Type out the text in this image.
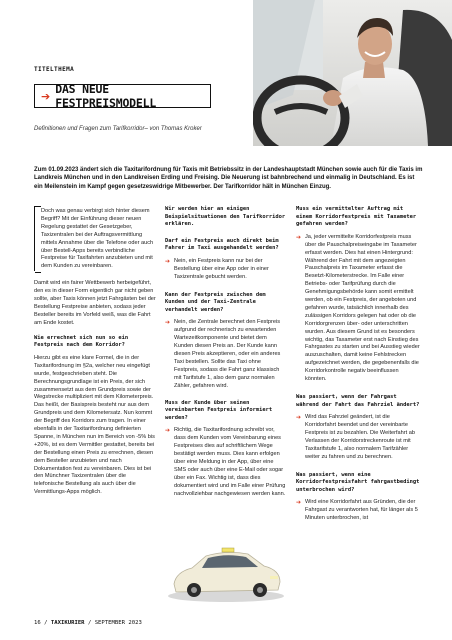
TITELTHEMA
➔ DAS NEUE FESTPREISMODELL
Definitionen und Fragen zum Tarifkorridor– von Thomas Kroker
Zum 01.09.2023 ändert sich die Taxitarifordnung für Taxis mit Betriebssitz in der Landeshauptstadt München sowie auch für die Taxis im Landkreis München und in den Landkreisen Erding und Freising. Die Neuerung ist bahnbrechend und einmalig in Deutschland. Es ist ein Meilenstein im Kampf gegen gesetzeswidrige Mitbewerber. Der Tarifkorridor hält in München Einzug.

Doch was genau verbirgt sich hinter diesem Begriff? Mit der Einführung dieser neuen Regelung gestattet der Gesetzgeber, Taxizentralen bei der Auftragsvermittlung mittels Annahme über die Telefone oder auch über Bestell-Apps bereits verbindliche Festpreise für Taxifahrten anzubieten und mit dem Kunden zu vereinbaren.

Damit wird ein fairer Wettbewerb herbeigeführt, den es in dieser Form eigentlich gar nicht geben sollte, aber Taxis können jetzt Fahrgästen bei der Bestellung Festpreise anbieten, sodass jeder Besteller bereits im Vorfeld weiß, was die Fahrt am Ende kostet.

Wie errechnet sich nun so ein Festpreis nach dem Korridor?

Hierzu gibt es eine klare Formel, die in der Taxitarifordnung im §2a, welcher neu eingefügt wurde, festgeschrieben steht. Die Berechnungsgrundlage ist ein Preis, der sich zusammensetzt aus dem Grundpreis sowie der Wegstrecke multipliziert mit dem Kilometerpreis. Das heißt, der Basispreis besteht nur aus dem Grundpreis und dem Kilometersatz. Nun kommt der Begriff des Korridors zum tragen. In einer ebenfalls in der Taxitarifordnung definierten Spanne, in München nun im Bereich von -5% bis +20%, ist es dem Vermittler gestattet, bereits bei der Bestellung einen Preis zu errechnen, diesen dem Besteller anzubieten und nach Dokumentation fest zu vereinbaren. Dies ist bei den Münchner Taxizentralen über die telefonische Bestellung als auch über die Vermittlungs-Apps möglich.

Wir werden hier an einigen Beispielsituationen den Tarifkorridor erklären.
Darf ein Festpreis auch direkt beim Fahrer im Taxi ausgehandelt werden?
➔ Nein, ein Festpreis kann nur bei der Bestellung über eine App oder in einer Taxizentrale gebucht werden.
Kann der Festpreis zwischen dem Kunden und der Taxi-Zentrale verhandelt werden?
➔ Nein, die Zentrale berechnet den Festpreis aufgrund der rechnerisch zu erwartenden Wartezeitkomponente und bietet dem Kunden diesen Preis an. Der Kunde kann diesen Preis akzeptieren, oder ein anderes Taxi bestellen. Sollte das Taxi ohne Festpreis, sodass die Fahrt ganz klassisch mit Tarifstufe 1, also dem ganz normalen Zähler, gefahren wird.
Muss der Kunde über seinen vereinbarten Festpreis informiert werden?
➔ Richtig, die Taxitarifordnung schreibt vor, dass dem Kunden vom Vereinbarung eines Festpreises dies auf schriftlichem Wege bestätigt werden muss. Dies kann erfolgen über eine Meldung in der App, über eine SMS oder auch über eine E-Mail oder sogar über ein Fax. Wichtig ist, dass dies dokumentiert wird und im Falle einer Prüfung nachvollziehbar nachgewiesen werden kann.
Muss ein vermittelter Auftrag mit einem Korridorfestpreis mit Taxameter gefahren werden?
➔ Ja, jeder vermittelte Korridorfestpreis muss über die Pauschalpreiseingabe im Taxameter erfasst werden. Dies hat einen Hintergrund: Während der Fahrt mit dem angezeigten Pauschalpreis im Taxameter erfasst die Besetzt-Kilometerstrecke. Im Falle einer Betriebs- oder Tarifprüfung durch die Genehmigungsbehörde kann somit ermittelt werden, ob ein Festpreis, der angeboten und gefahren wurde, tatsächlich innerhalb des zulässigen Korridors gelegen hat oder ob die Korridorgrenzen über- oder unterschritten wurden. Aus diesem Grund ist es besonders wichtig, das Taxameter erst nach Einstieg des Fahrgastes zu starten und bei Ausstieg wieder auszuschalten, damit keine Fehlstrecken aufgezeichnet werden, die gegebenenfalls die Korridorkontrolle negativ beeinflussen könnten.
Was passiert, wenn der Fahrgast während der Fahrt das Fahrziel ändert?
➔ Wird das Fahrziel geändert, ist die Korridorfahrt beendet und der vereinbarte Festpreis ist zu bezahlen. Die Weiterfahrt ab Verlassen der Korridorstreckenroute ist mit Taxitarifstufe 1, also normalem Tarifzähler weiter zu fahren und zu berechnen.
Was passiert, wenn eine Korridorfestpreisfahrt fahrgastbedingt unterbrochen wird?
➔ Wird eine Korridorfahrt aus Gründen, die der Fahrgast zu verantworten hat, für länger als 5 Minuten unterbrochen, ist
16 / TAXIKURIER / SEPTEMBER 2023
